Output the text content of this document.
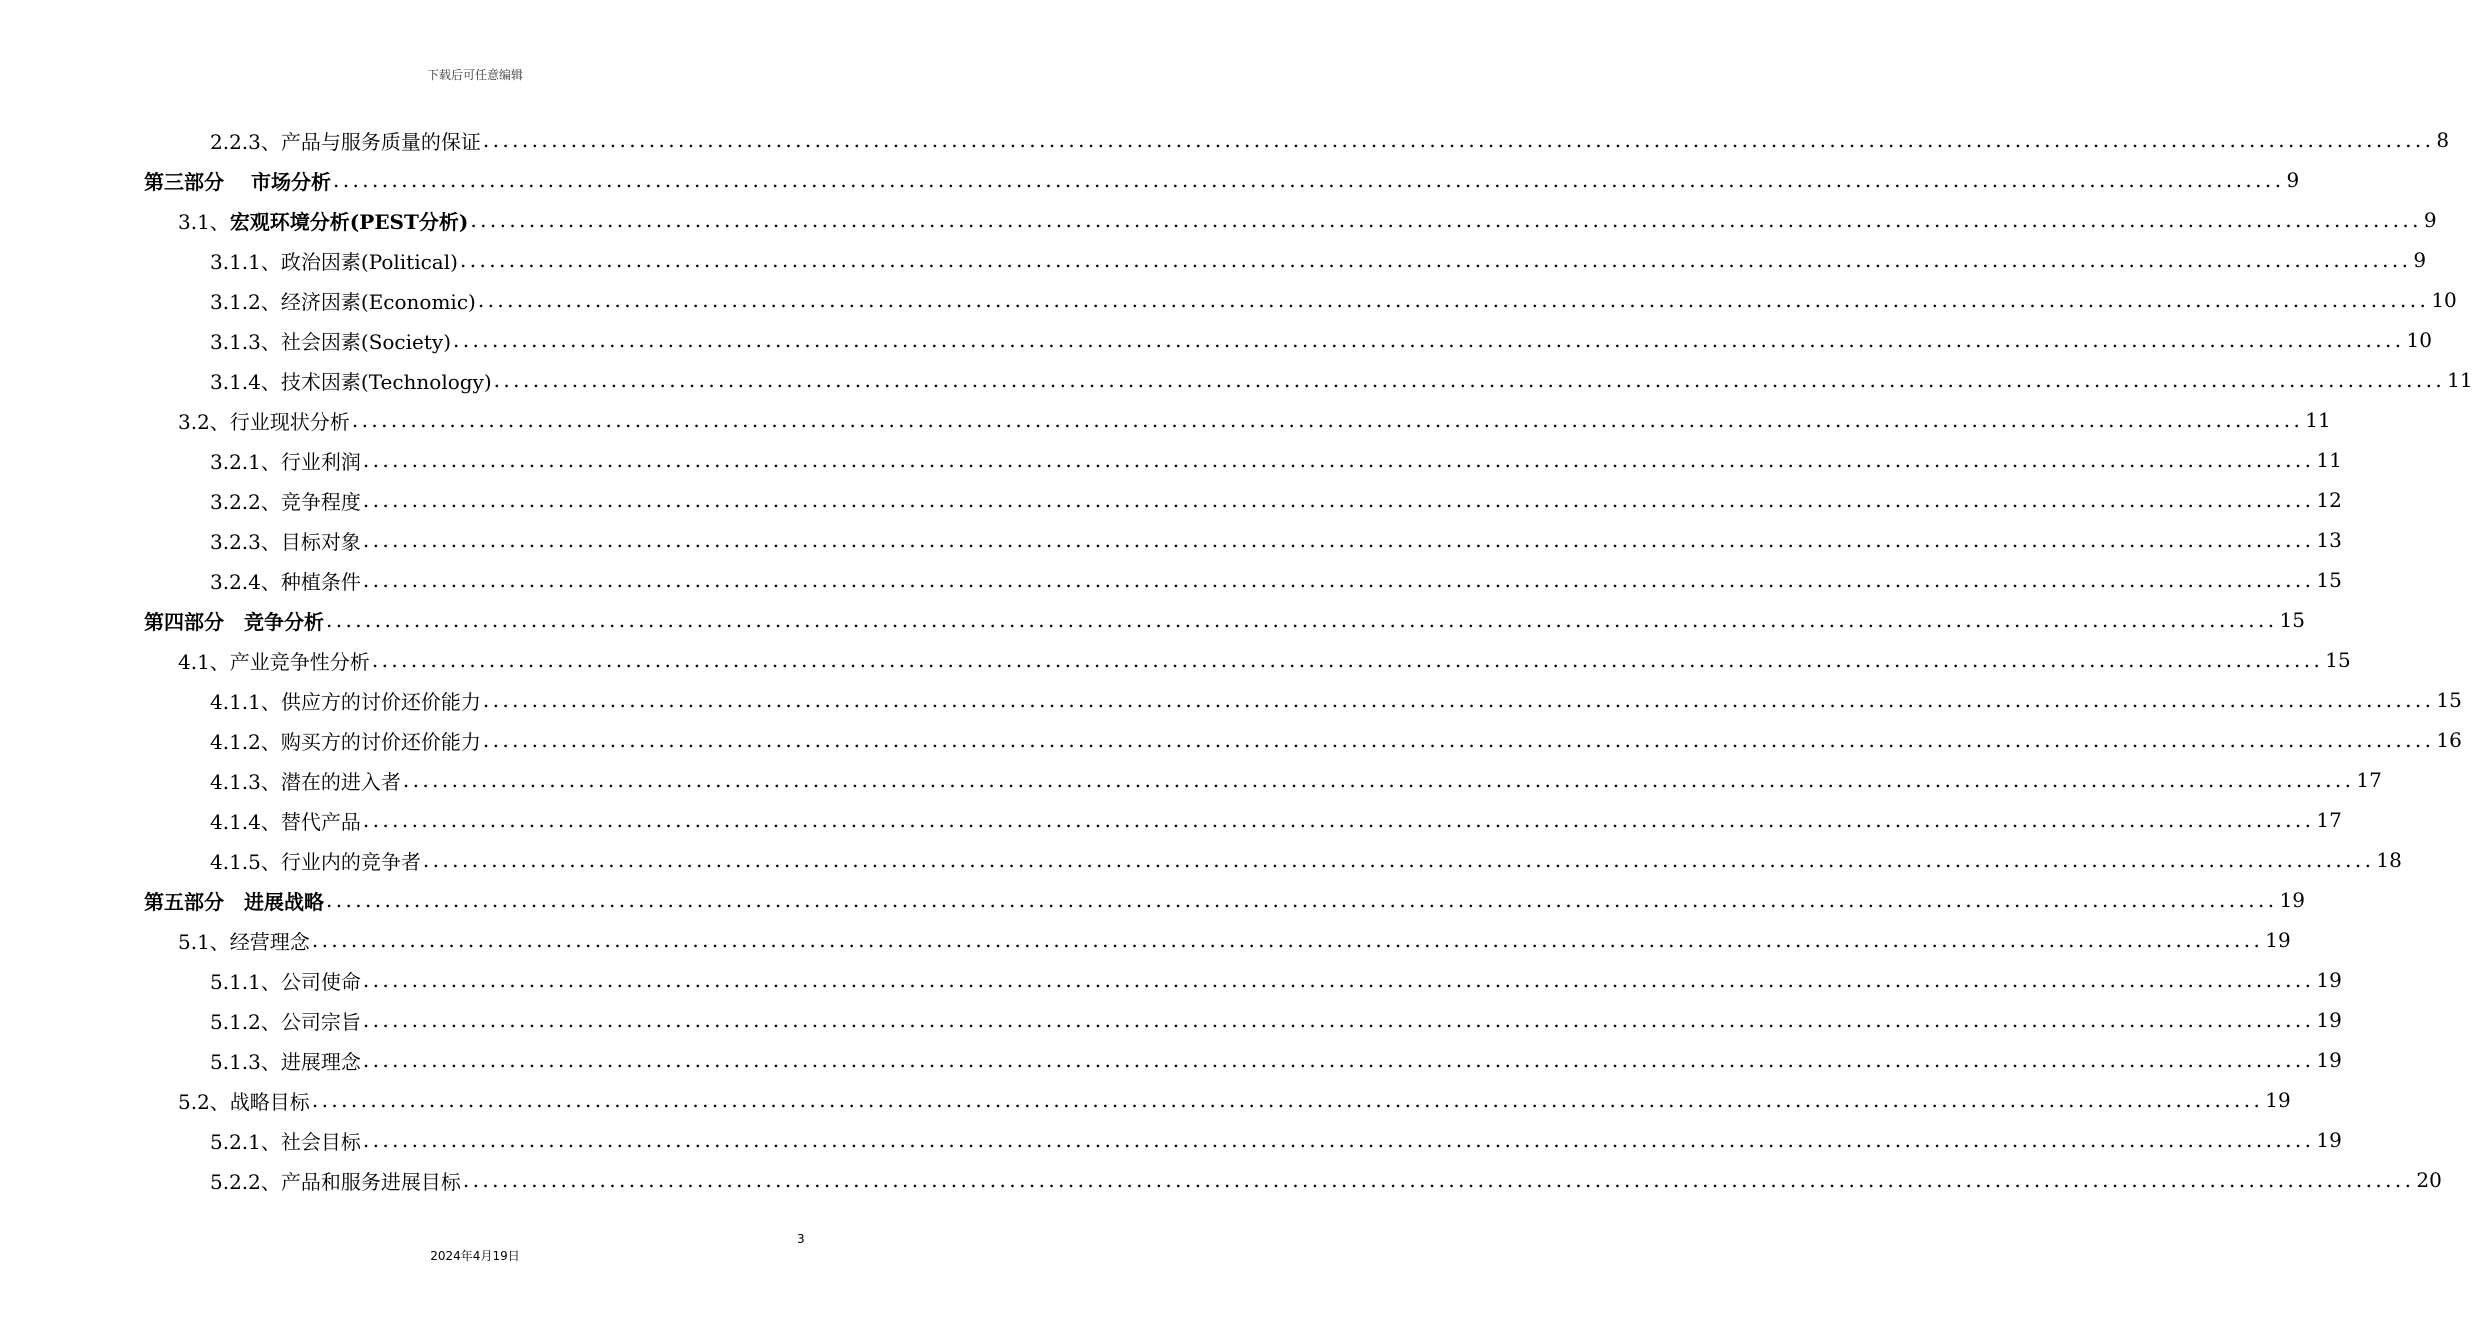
下载后可任意编辑
2.2.3、产品与服务质量的保证 ........................................................................................................................................................................................................ 8
第三部分　 市场分析 ........................................................................................................................................................................................................ 9
3.1、 宏观环境分析(PEST分析) ........................................................................................................................................................................................................ 9
3.1.1、政治因素(Political) ........................................................................................................................................................................................................ 9
3.1.2、经济因素(Economic) ........................................................................................................................................................................................................ 10
3.1.3、社会因素(Society) ........................................................................................................................................................................................................ 10
3.1.4、技术因素(Technology) ........................................................................................................................................................................................................ 11
3.2、行业现状分析 ........................................................................................................................................................................................................ 11
3.2.1、行业利润 ........................................................................................................................................................................................................ 11
3.2.2、竞争程度 ........................................................................................................................................................................................................ 12
3.2.3、目标对象 ........................................................................................................................................................................................................ 13
3.2.4、种植条件 ........................................................................................................................................................................................................ 15
第四部分　竞争分析 ........................................................................................................................................................................................................ 15
4.1、产业竞争性分析 ........................................................................................................................................................................................................ 15
4.1.1、供应方的讨价还价能力 ........................................................................................................................................................................................................ 15
4.1.2、购买方的讨价还价能力 ........................................................................................................................................................................................................ 16
4.1.3、潜在的进入者 ........................................................................................................................................................................................................ 17
4.1.4、替代产品 ........................................................................................................................................................................................................ 17
4.1.5、行业内的竞争者 ........................................................................................................................................................................................................ 18
第五部分　进展战略 ........................................................................................................................................................................................................ 19
5.1、经营理念 ........................................................................................................................................................................................................ 19
5.1.1、公司使命 ........................................................................................................................................................................................................ 19
5.1.2、公司宗旨 ........................................................................................................................................................................................................ 19
5.1.3、进展理念 ........................................................................................................................................................................................................ 19
5.2、战略目标 ........................................................................................................................................................................................................ 19
5.2.1、社会目标 ........................................................................................................................................................................................................ 19
5.2.2、产品和服务进展目标 ........................................................................................................................................................................................................ 20
3
2024年4月19日
